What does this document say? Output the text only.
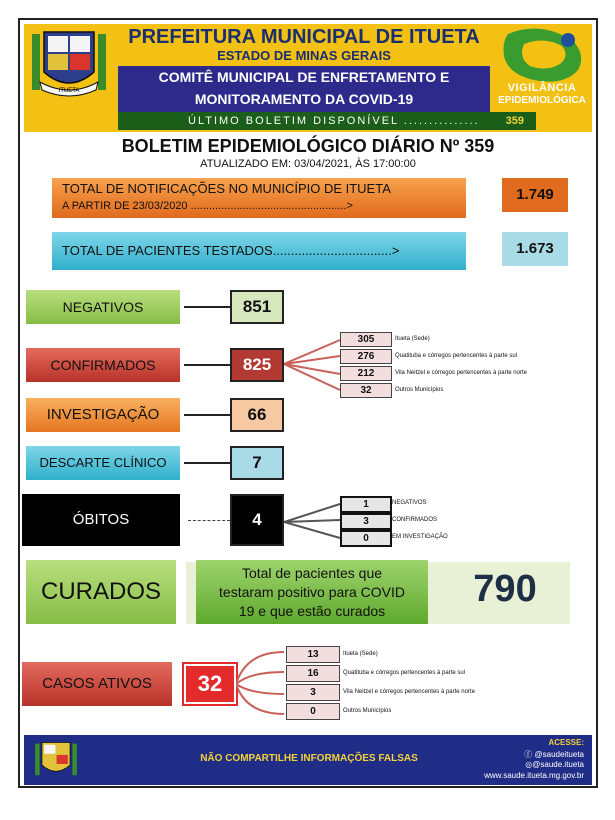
ITUETA
PREFEITURA MUNICIPAL DE ITUETA
ESTADO DE MINAS GERAIS
COMITÊ MUNICIPAL DE ENFRETAMENTO E
MONITORAMENTO DA COVID-19
VIGILÂNCIA
EPIDEMIOLÓGICA
ÚLTIMO BOLETIM DISPONÍVEL ............... 359
BOLETIM EPIDEMIOLÓGICO DIÁRIO Nº 359
ATUALIZADO EM: 03/04/2021, ÀS 17:00:00
TOTAL DE NOTIFICAÇÕES NO MUNICÍPIO DE ITUETA
A PARTIR DE 23/03/2020 ...................................................>
1.749
TOTAL DE PACIENTES TESTADOS.................................>	1.673
NEGATIVOS	851
CONFIRMADOS	825
305	Itueta (Sede)
276	Quatituba e córregos pertencentes à parte sul
212	Vila Neitzel e córregos pertencentes à parte norte
32	Outros Municípios
INVESTIGAÇÃO	66
DESCARTE CLÍNICO	7
ÓBITOS	4
1	NEGATIVOS
3	CONFIRMADOS
0	EM INVESTIGAÇÃO
CURADOS
Total de pacientes que
testaram positivo para COVID
19 e que estão curados
790
CASOS ATIVOS	32
13	Itueta (Sede)
16	Quatituba e córregos pertencentes à parte sul
3	Vila Neitzel e córregos pertencentes à parte norte
0	Outros Municípios
NÃO COMPARTILHE INFORMAÇÕES FALSAS
ACESSE:
ⓕ @saudeitueta
◎@saude.itueta
www.saude.itueta.mg.gov.br
